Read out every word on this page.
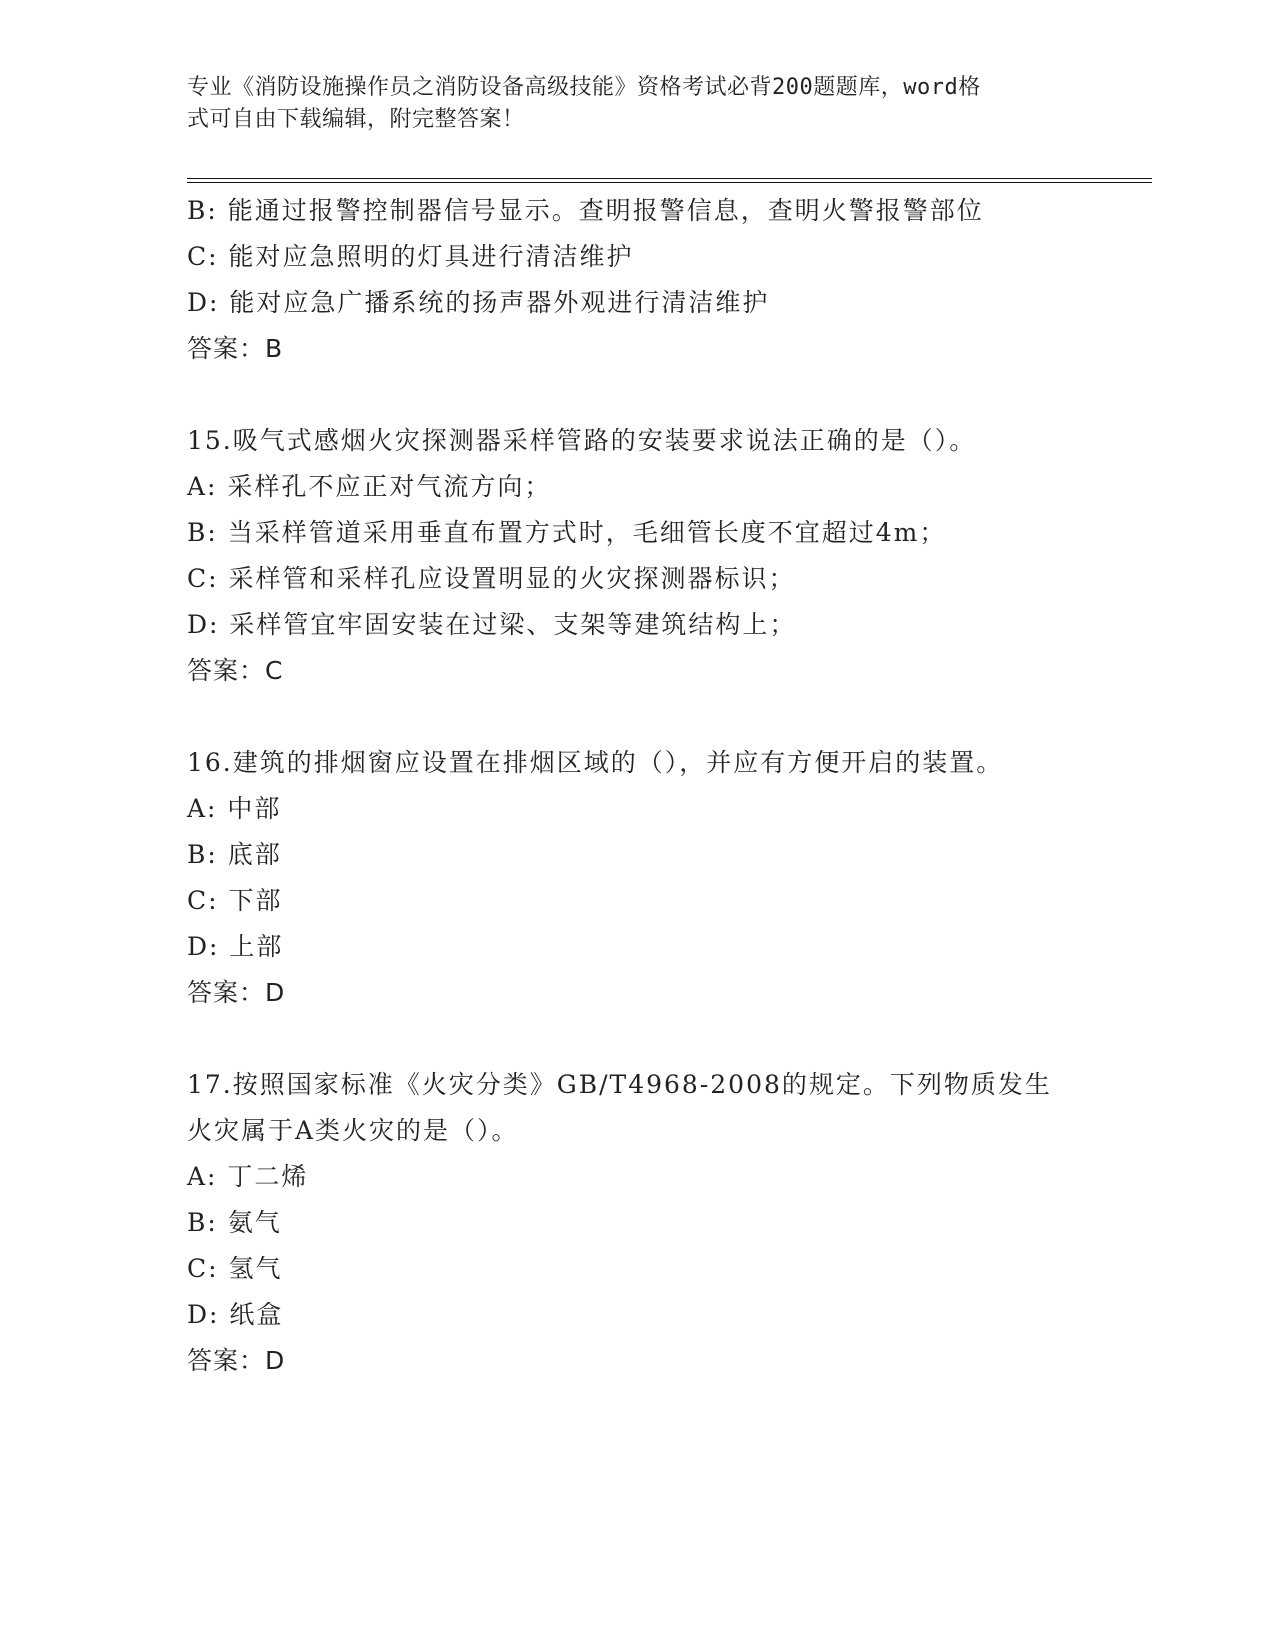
专业《消防设施操作员之消防设备高级技能》资格考试必背200题题库，word格
式可自由下载编辑，附完整答案！
B: 能通过报警控制器信号显示。查明报警信息，查明火警报警部位
C: 能对应急照明的灯具进行清洁维护
D: 能对应急广播系统的扬声器外观进行清洁维护
答案：B
15.吸气式感烟火灾探测器采样管路的安装要求说法正确的是（）。
A: 采样孔不应正对气流方向；
B: 当采样管道采用垂直布置方式时，毛细管长度不宜超过4m；
C: 采样管和采样孔应设置明显的火灾探测器标识；
D: 采样管宜牢固安装在过梁、支架等建筑结构上；
答案：C
16.建筑的排烟窗应设置在排烟区域的（），并应有方便开启的装置。
A: 中部
B: 底部
C: 下部
D: 上部
答案：D
17.按照国家标准《火灾分类》GB/T4968-2008的规定。下列物质发生
火灾属于A类火灾的是（）。
A: 丁二烯
B: 氨气
C: 氢气
D: 纸盒
答案：D
